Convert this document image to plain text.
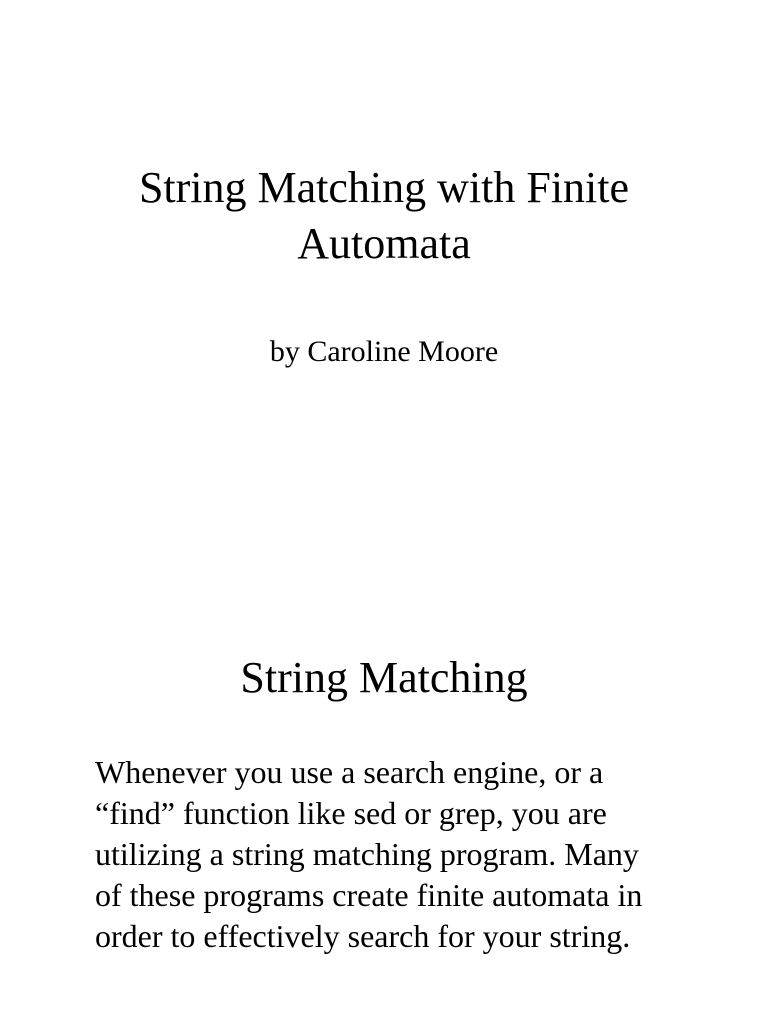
String Matching with Finite
Automata
by Caroline Moore
String Matching
Whenever you use a search engine, or a
“find” function like sed or grep, you are
utilizing a string matching program. Many
of these programs create finite automata in
order to effectively search for your string.
